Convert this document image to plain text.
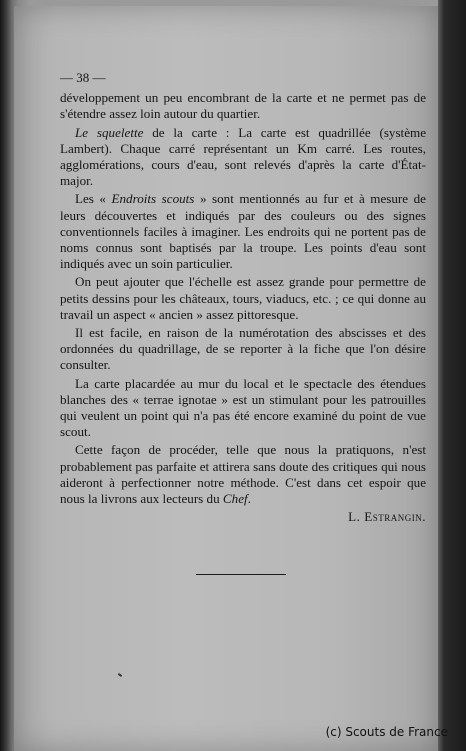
— 38 —

développement un peu encombrant de la carte et ne permet pas de s'étendre assez loin autour du quartier.

Le squelette de la carte : La carte est quadrillée (système Lambert). Chaque carré représentant un Km carré. Les routes, agglomérations, cours d'eau, sont relevés d'après la carte d'État-major.

Les « Endroits scouts » sont mentionnés au fur et à mesure de leurs découvertes et indiqués par des couleurs ou des signes conventionnels faciles à imaginer. Les endroits qui ne portent pas de noms connus sont baptisés par la troupe. Les points d'eau sont indiqués avec un soin particulier.

On peut ajouter que l'échelle est assez grande pour permettre de petits dessins pour les châteaux, tours, viaducs, etc. ; ce qui donne au travail un aspect « ancien » assez pittoresque.

Il est facile, en raison de la numérotation des abscisses et des ordonnées du quadrillage, de se reporter à la fiche que l'on désire consulter.

La carte placardée au mur du local et le spectacle des étendues blanches des « terrae ignotae » est un stimulant pour les patrouilles qui veulent un point qui n'a pas été encore examiné du point de vue scout.

Cette façon de procéder, telle que nous la pratiquons, n'est probablement pas parfaite et attirera sans doute des critiques qui nous aideront à perfectionner notre méthode. C'est dans cet espoir que nous la livrons aux lecteurs du Chef.

L. Estrangin.

(c) Scouts de France
